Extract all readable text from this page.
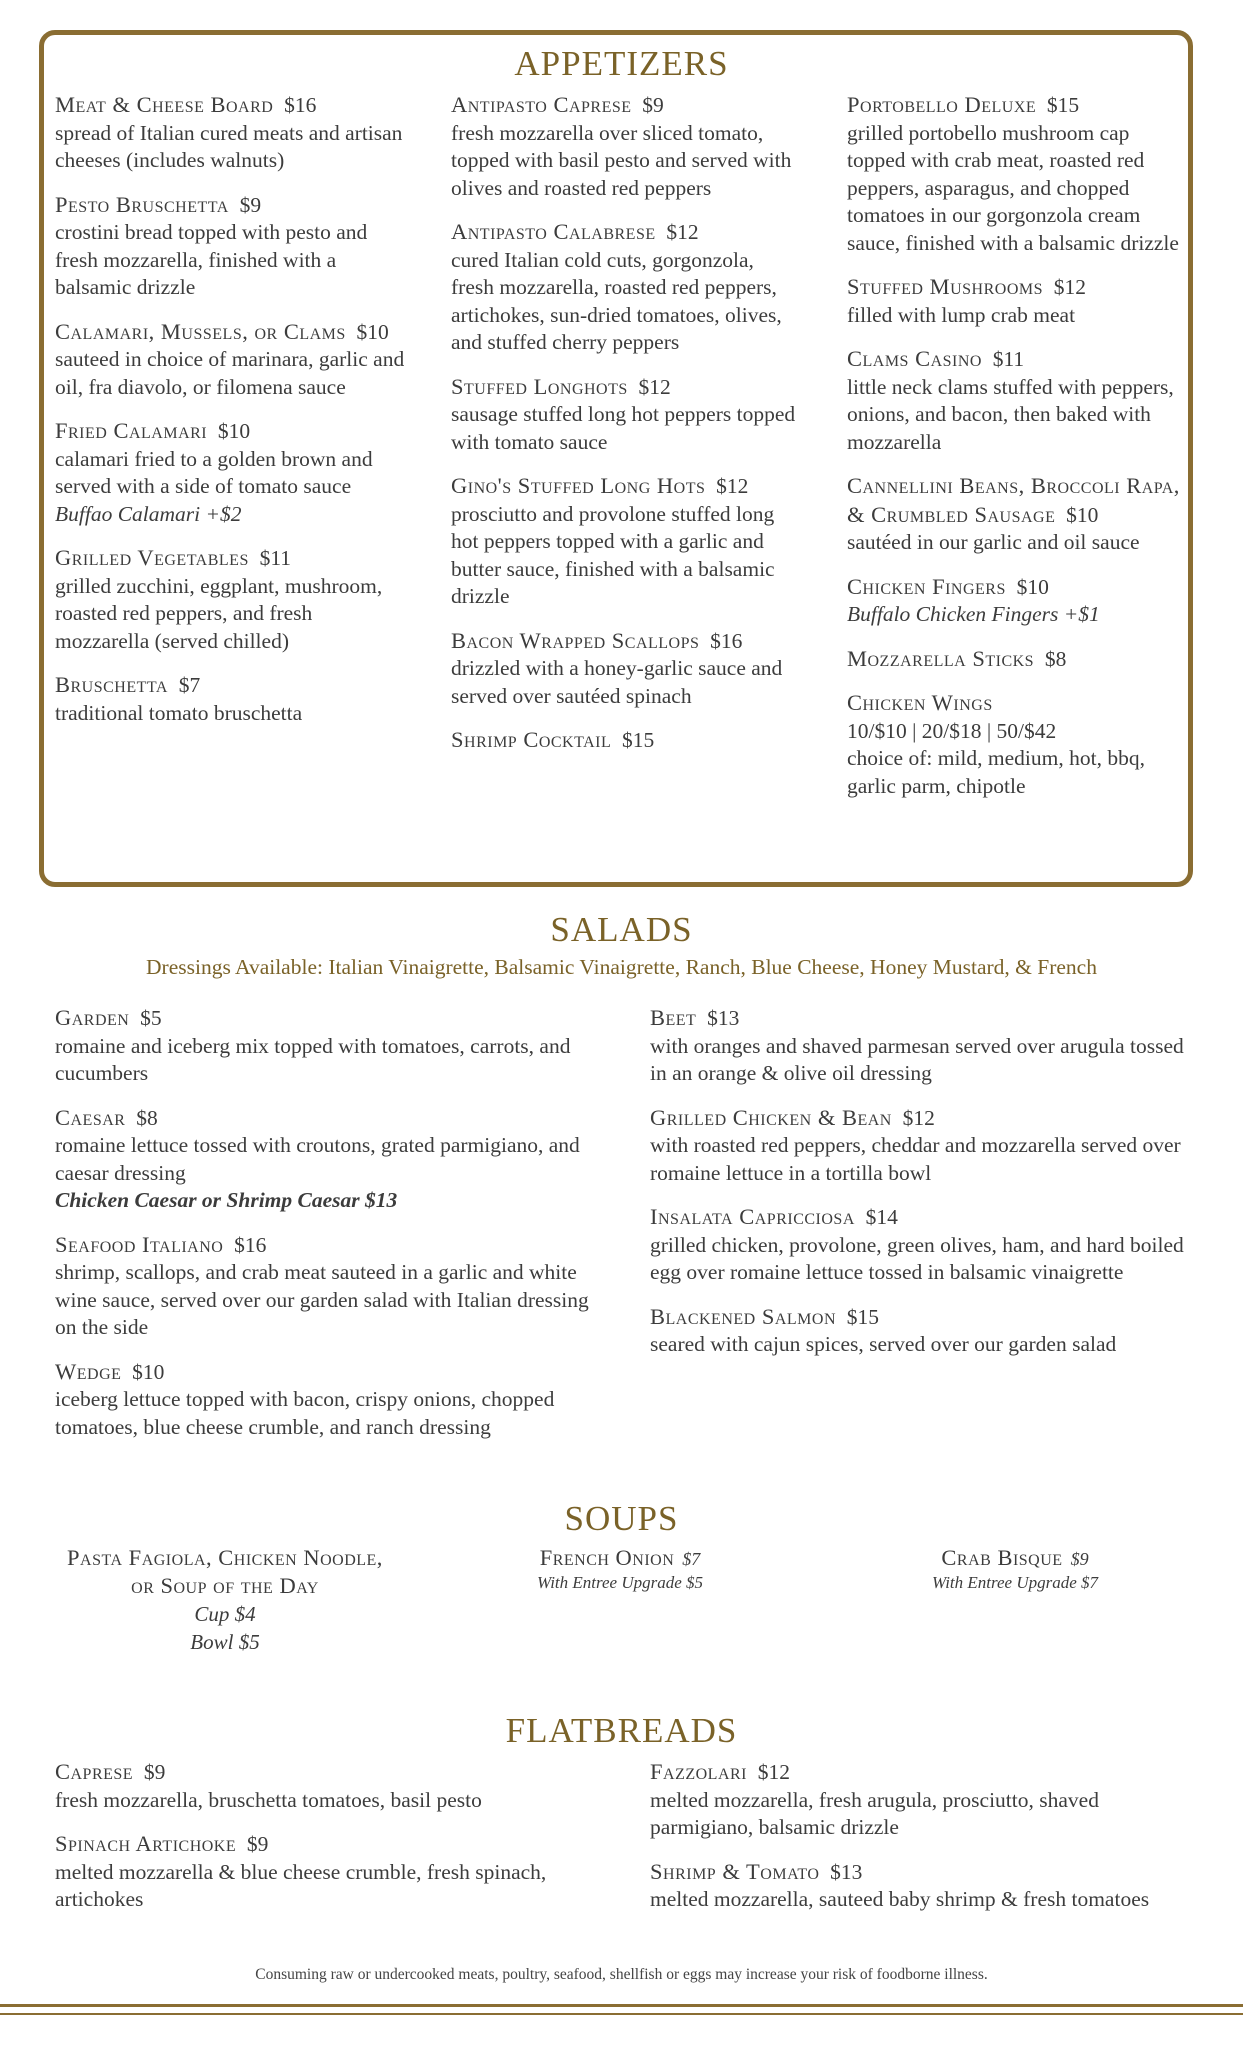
APPETIZERS
Meat & Cheese Board $16
spread of Italian cured meats and artisan cheeses (includes walnuts)
Pesto Bruschetta $9
crostini bread topped with pesto and fresh mozzarella, finished with a balsamic drizzle
Calamari, Mussels, or Clams $10
sauteed in choice of marinara, garlic and oil, fra diavolo, or filomena sauce
Fried Calamari $10
calamari fried to a golden brown and served with a side of tomato sauce
Buffao Calamari +$2
Grilled Vegetables $11
grilled zucchini, eggplant, mushroom, roasted red peppers, and fresh mozzarella (served chilled)
Bruschetta $7
traditional tomato bruschetta
Antipasto Caprese $9
fresh mozzarella over sliced tomato, topped with basil pesto and served with olives and roasted red peppers
Antipasto Calabrese $12
cured Italian cold cuts, gorgonzola, fresh mozzarella, roasted red peppers, artichokes, sun-dried tomatoes, olives, and stuffed cherry peppers
Stuffed Longhots $12
sausage stuffed long hot peppers topped with tomato sauce
Gino's Stuffed Long Hots $12
prosciutto and provolone stuffed long hot peppers topped with a garlic and butter sauce, finished with a balsamic drizzle
Bacon Wrapped Scallops $16
drizzled with a honey-garlic sauce and served over sautéed spinach
Shrimp Cocktail $15
Portobello Deluxe $15
grilled portobello mushroom cap topped with crab meat, roasted red peppers, asparagus, and chopped tomatoes in our gorgonzola cream sauce, finished with a balsamic drizzle
Stuffed Mushrooms $12
filled with lump crab meat
Clams Casino $11
little neck clams stuffed with peppers, onions, and bacon, then baked with mozzarella
Cannellini Beans, Broccoli Rapa, & Crumbled Sausage $10
sautéed in our garlic and oil sauce
Chicken Fingers $10
Buffalo Chicken Fingers +$1
Mozzarella Sticks $8
Chicken Wings
10/$10 | 20/$18 | 50/$42
choice of: mild, medium, hot, bbq, garlic parm, chipotle
SALADS
Dressings Available: Italian Vinaigrette, Balsamic Vinaigrette, Ranch, Blue Cheese, Honey Mustard, & French
Garden $5
romaine and iceberg mix topped with tomatoes, carrots, and cucumbers
Caesar $8
romaine lettuce tossed with croutons, grated parmigiano, and caesar dressing
Chicken Caesar or Shrimp Caesar $13
Seafood Italiano $16
shrimp, scallops, and crab meat sauteed in a garlic and white wine sauce, served over our garden salad with Italian dressing on the side
Wedge $10
iceberg lettuce topped with bacon, crispy onions, chopped tomatoes, blue cheese crumble, and ranch dressing
Beet $13
with oranges and shaved parmesan served over arugula tossed in an orange & olive oil dressing
Grilled Chicken & Bean $12
with roasted red peppers, cheddar and mozzarella served over romaine lettuce in a tortilla bowl
Insalata Capricciosa $14
grilled chicken, provolone, green olives, ham, and hard boiled egg over romaine lettuce tossed in balsamic vinaigrette
Blackened Salmon $15
seared with cajun spices, served over our garden salad
SOUPS
Pasta Fagiola, Chicken Noodle, or Soup of the Day
Cup $4
Bowl $5
French Onion $7
With Entree Upgrade $5
Crab Bisque $9
With Entree Upgrade $7
FLATBREADS
Caprese $9
fresh mozzarella, bruschetta tomatoes, basil pesto
Spinach Artichoke $9
melted mozzarella & blue cheese crumble, fresh spinach, artichokes
Fazzolari $12
melted mozzarella, fresh arugula, prosciutto, shaved parmigiano, balsamic drizzle
Shrimp & Tomato $13
melted mozzarella, sauteed baby shrimp & fresh tomatoes
Consuming raw or undercooked meats, poultry, seafood, shellfish or eggs may increase your risk of foodborne illness.
